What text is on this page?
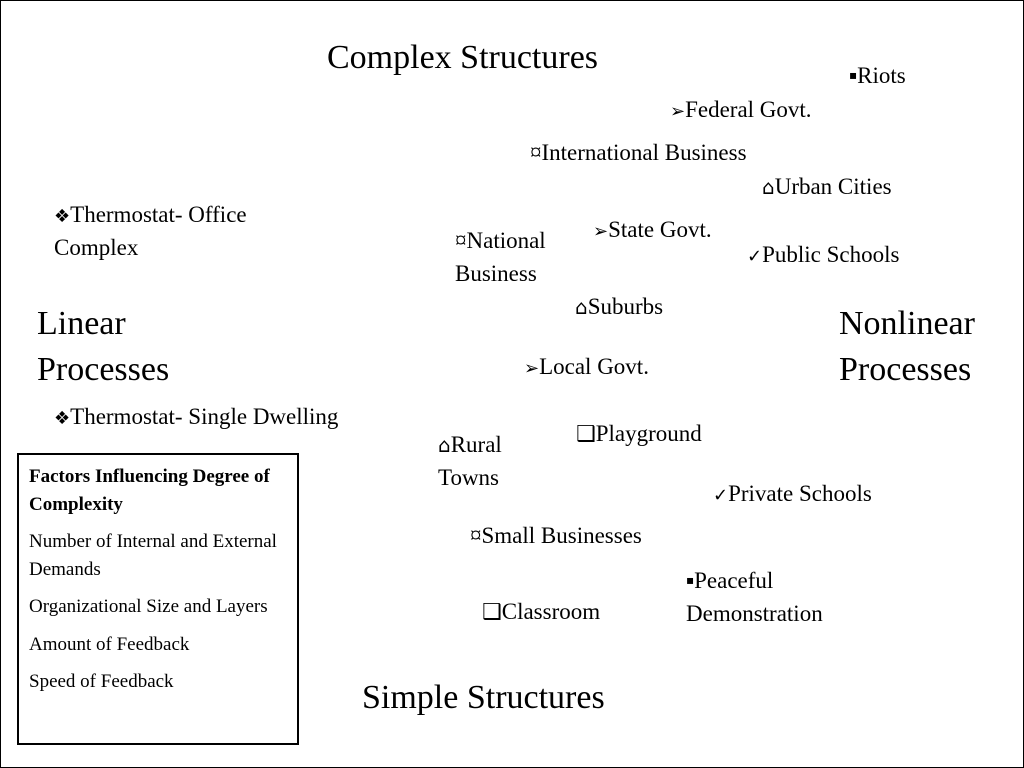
Complex Structures
Simple Structures
Linear
Processes
Nonlinear
Processes
▪Riots
➢Federal Govt.
¤International Business
⌂Urban Cities
❖Thermostat- Office
Complex	¤National
Business
➢State Govt.
✓Public Schools
⌂Suburbs
➢Local Govt.
❖Thermostat- Single Dwelling
⌂Rural
Towns
❑Playground
✓Private Schools
¤Small Businesses
▪Peaceful
Demonstration
❑Classroom
Factors Influencing Degree of Complexity
Number of Internal and External Demands
Organizational Size and Layers
Amount of Feedback
Speed of Feedback
